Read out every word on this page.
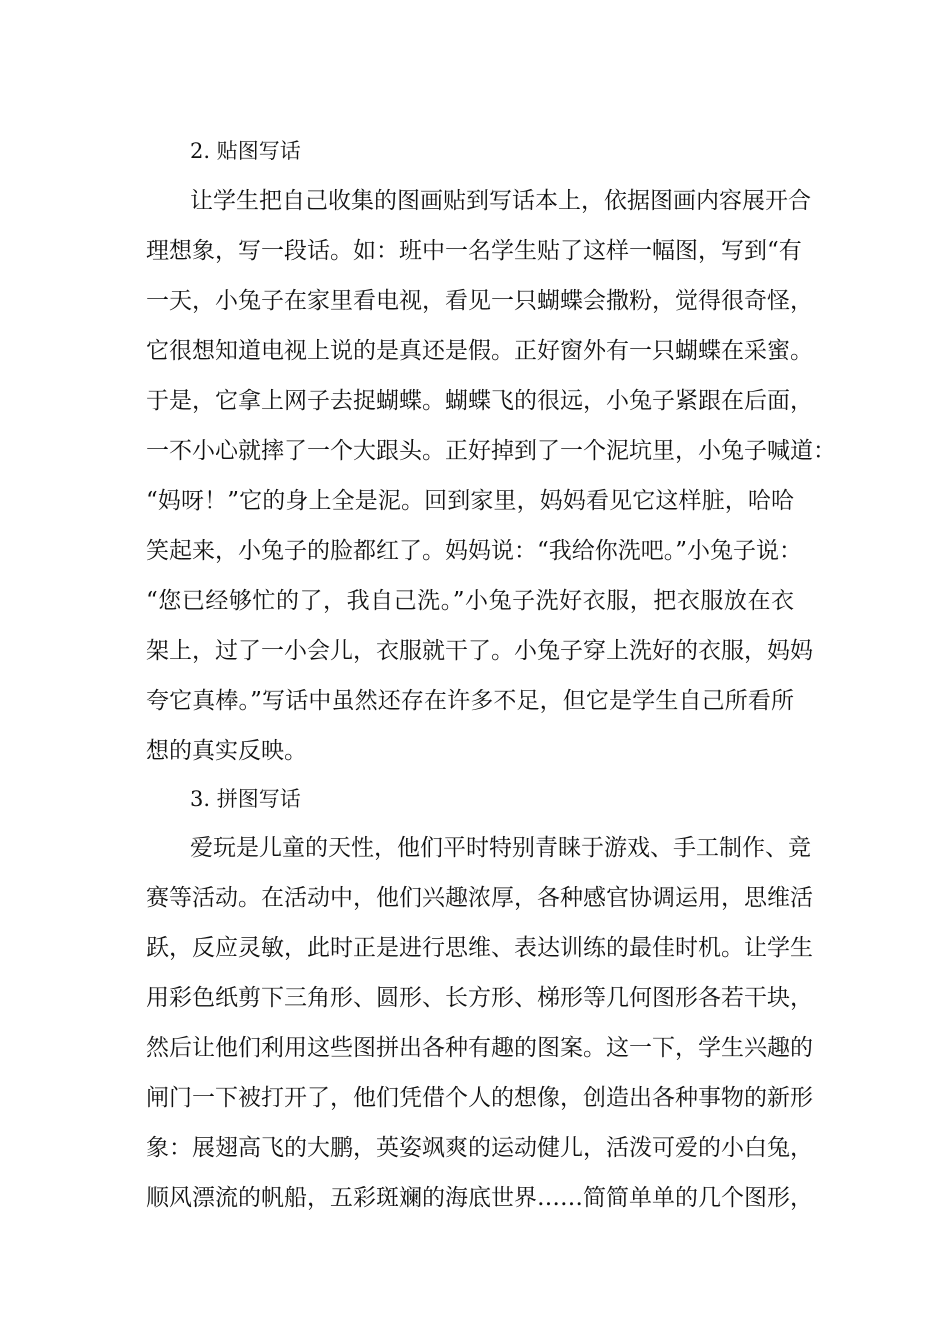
2. 贴图写话
让学生把自己收集的图画贴到写话本上，依据图画内容展开合
理想象，写一段话。如：班中一名学生贴了这样一幅图，写到“有
一天，小兔子在家里看电视，看见一只蝴蝶会撒粉，觉得很奇怪，
它很想知道电视上说的是真还是假。正好窗外有一只蝴蝶在采蜜。
于是，它拿上网子去捉蝴蝶。蝴蝶飞的很远，小兔子紧跟在后面，
一不小心就摔了一个大跟头。正好掉到了一个泥坑里，小兔子喊道：
“妈呀！”它的身上全是泥。回到家里，妈妈看见它这样脏，哈哈
笑起来，小兔子的脸都红了。妈妈说：“我给你洗吧。”小兔子说：
“您已经够忙的了，我自己洗。”小兔子洗好衣服，把衣服放在衣
架上，过了一小会儿，衣服就干了。小兔子穿上洗好的衣服，妈妈
夸它真棒。”写话中虽然还存在许多不足，但它是学生自己所看所
想的真实反映。
3. 拼图写话
爱玩是儿童的天性，他们平时特别青睐于游戏、手工制作、竞
赛等活动。在活动中，他们兴趣浓厚，各种感官协调运用，思维活
跃，反应灵敏，此时正是进行思维、表达训练的最佳时机。让学生
用彩色纸剪下三角形、圆形、长方形、梯形等几何图形各若干块，
然后让他们利用这些图拼出各种有趣的图案。这一下，学生兴趣的
闸门一下被打开了，他们凭借个人的想像，创造出各种事物的新形
象：展翅高飞的大鹏，英姿飒爽的运动健儿，活泼可爱的小白兔，
顺风漂流的帆船，五彩斑斓的海底世界……简简单单的几个图形，
